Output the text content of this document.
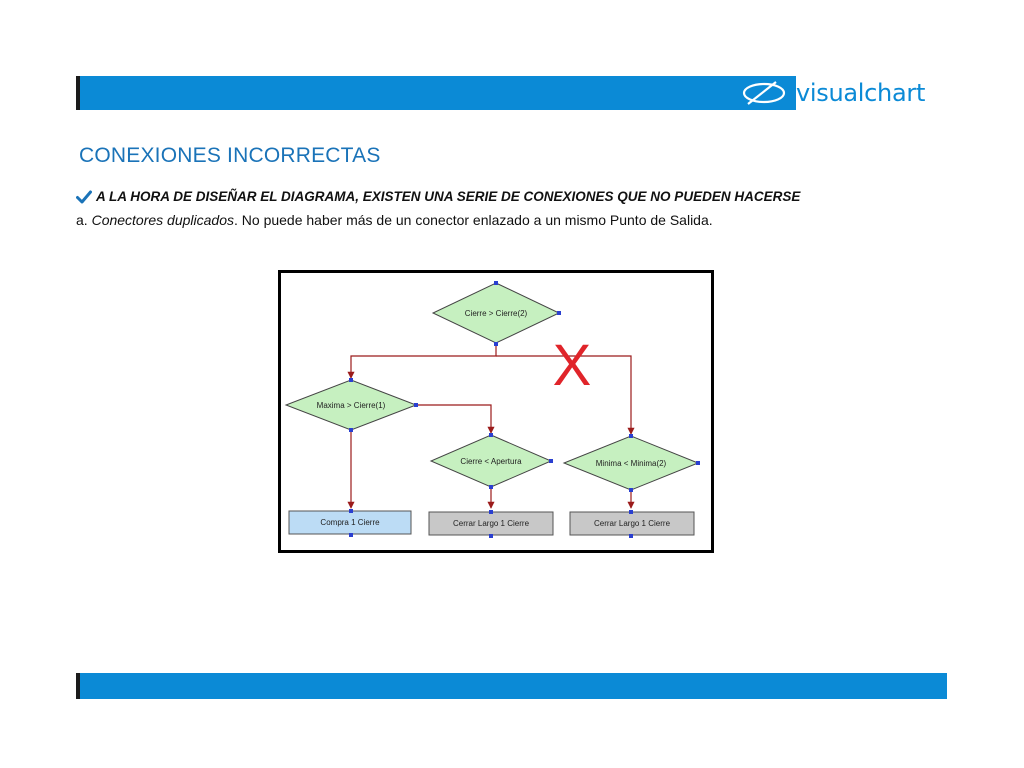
visualchart
CONEXIONES INCORRECTAS
A LA HORA DE DISEÑAR EL DIAGRAMA, EXISTEN UNA SERIE DE CONEXIONES QUE NO PUEDEN HACERSE
a. Conectores duplicados. No puede haber más de un conector enlazado a un mismo Punto de Salida.
Cierre > Cierre(2)
Maxima > Cierre(1)
Cierre < Apertura	Minima < Minima(2)
Compra 1 Cierre	Cerrar Largo 1 Cierre	Cerrar Largo 1 Cierre
X
